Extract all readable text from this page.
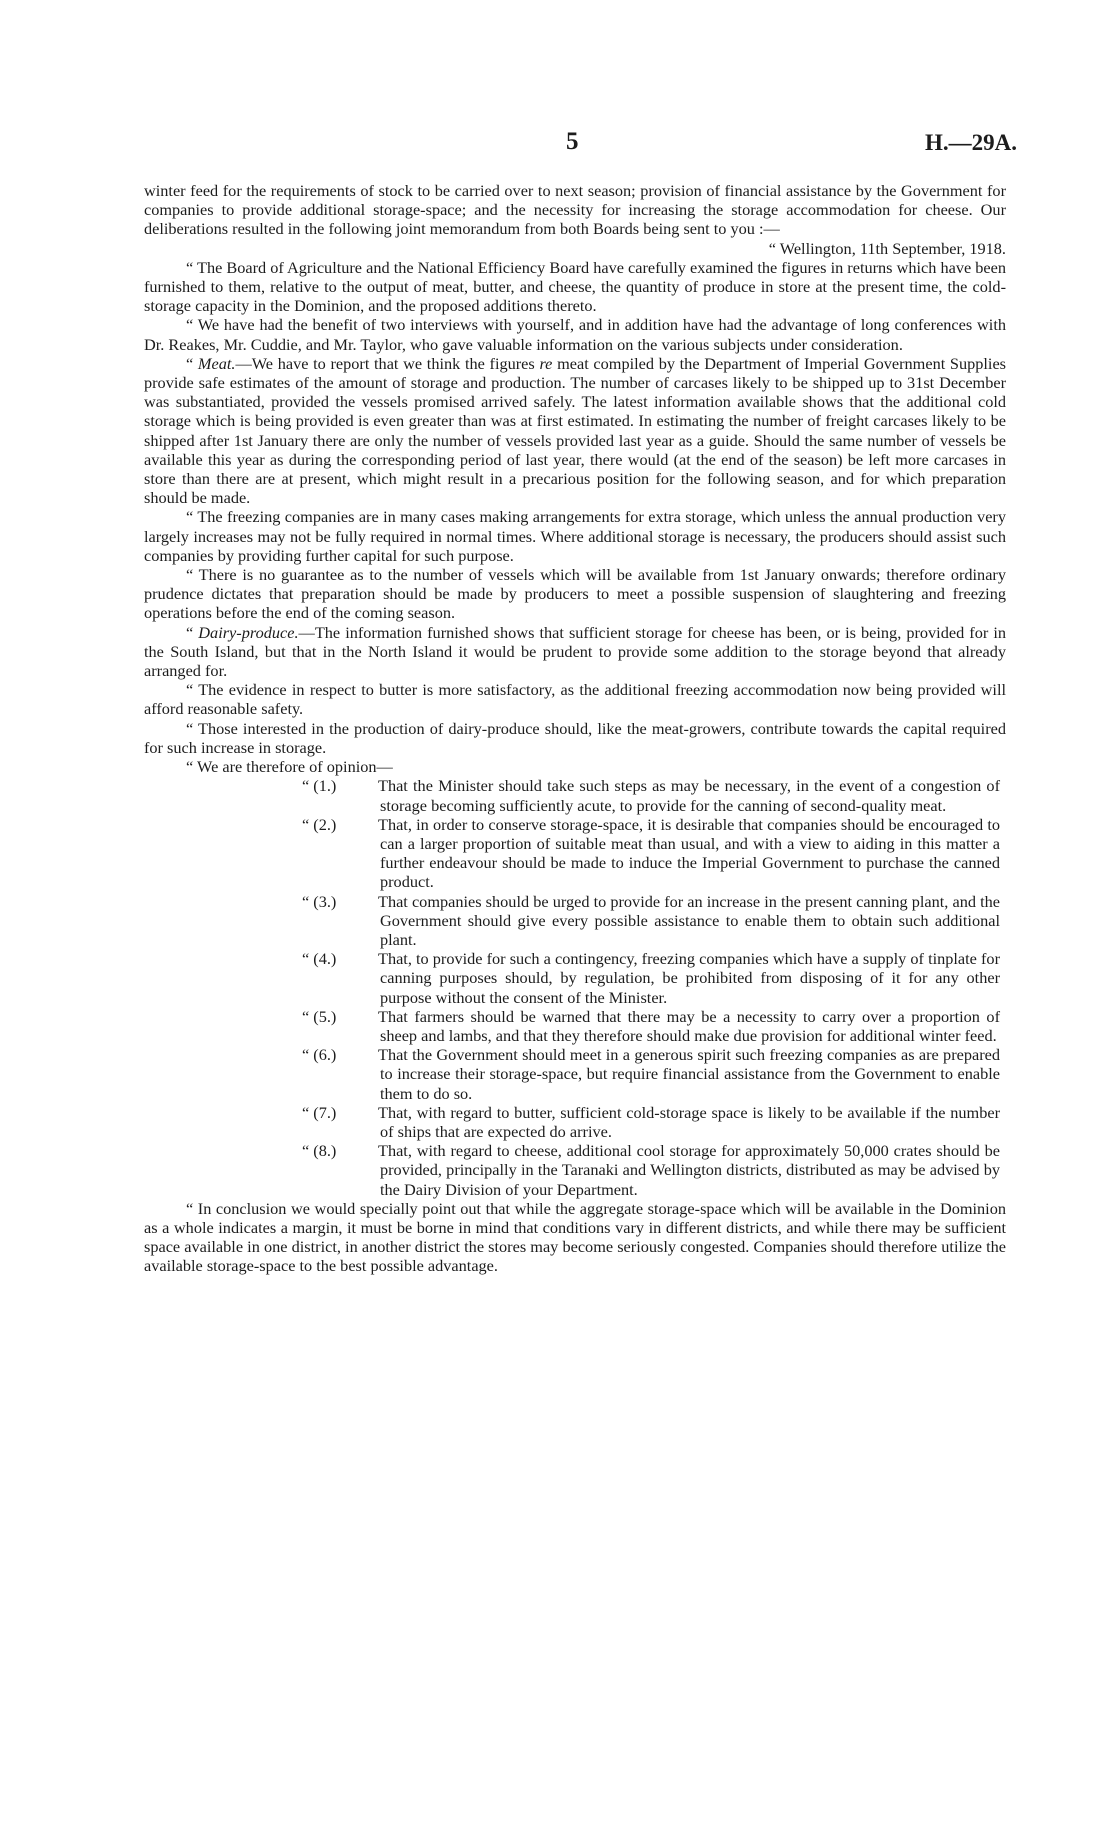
5	H.—29A.

winter feed for the requirements of stock to be carried over to next season; provision of financial assistance by the Government for companies to provide additional storage-space; and the necessity for increasing the storage accommodation for cheese. Our deliberations resulted in the following joint memorandum from both Boards being sent to you :—

“ Wellington, 11th September, 1918.

“ The Board of Agriculture and the National Efficiency Board have carefully examined the figures in returns which have been furnished to them, relative to the output of meat, butter, and cheese, the quantity of produce in store at the present time, the cold-storage capacity in the Dominion, and the proposed additions thereto.

“ We have had the benefit of two interviews with yourself, and in addition have had the advantage of long conferences with Dr. Reakes, Mr. Cuddie, and Mr. Taylor, who gave valuable information on the various subjects under consideration.

“ Meat.—We have to report that we think the figures re meat compiled by the Department of Imperial Government Supplies provide safe estimates of the amount of storage and production. The number of carcases likely to be shipped up to 31st December was substantiated, provided the vessels promised arrived safely. The latest information available shows that the additional cold storage which is being provided is even greater than was at first estimated. In estimating the number of freight carcases likely to be shipped after 1st January there are only the number of vessels provided last year as a guide. Should the same number of vessels be available this year as during the corresponding period of last year, there would (at the end of the season) be left more carcases in store than there are at present, which might result in a precarious position for the following season, and for which preparation should be made.

“ The freezing companies are in many cases making arrangements for extra storage, which unless the annual production very largely increases may not be fully required in normal times. Where additional storage is necessary, the producers should assist such companies by providing further capital for such purpose.

“ There is no guarantee as to the number of vessels which will be available from 1st January onwards; therefore ordinary prudence dictates that preparation should be made by producers to meet a possible suspension of slaughtering and freezing operations before the end of the coming season.

“ Dairy-produce.—The information furnished shows that sufficient storage for cheese has been, or is being, provided for in the South Island, but that in the North Island it would be prudent to provide some addition to the storage beyond that already arranged for.

“ The evidence in respect to butter is more satisfactory, as the additional freezing accommodation now being provided will afford reasonable safety.

“ Those interested in the production of dairy-produce should, like the meat-growers, contribute towards the capital required for such increase in storage.

“ We are therefore of opinion—

“ (1.)	That the Minister should take such steps as may be necessary, in the event of a congestion of storage becoming sufficiently acute, to provide for the canning of second-quality meat.
“ (2.)	That, in order to conserve storage-space, it is desirable that companies should be encouraged to can a larger proportion of suitable meat than usual, and with a view to aiding in this matter a further endeavour should be made to induce the Imperial Government to purchase the canned product.
“ (3.)	That companies should be urged to provide for an increase in the present canning plant, and the Government should give every possible assistance to enable them to obtain such additional plant.
“ (4.)	That, to provide for such a contingency, freezing companies which have a supply of tinplate for canning purposes should, by regulation, be prohibited from disposing of it for any other purpose without the consent of the Minister.
“ (5.)	That farmers should be warned that there may be a necessity to carry over a proportion of sheep and lambs, and that they therefore should make due provision for additional winter feed.
“ (6.)	That the Government should meet in a generous spirit such freezing companies as are prepared to increase their storage-space, but require financial assistance from the Government to enable them to do so.
“ (7.)	That, with regard to butter, sufficient cold-storage space is likely to be available if the number of ships that are expected do arrive.
“ (8.)	That, with regard to cheese, additional cool storage for approximately 50,000 crates should be provided, principally in the Taranaki and Wellington districts, distributed as may be advised by the Dairy Division of your Department.

“ In conclusion we would specially point out that while the aggregate storage-space which will be available in the Dominion as a whole indicates a margin, it must be borne in mind that conditions vary in different districts, and while there may be sufficient space available in one district, in another district the stores may become seriously congested. Companies should therefore utilize the available storage-space to the best possible advantage.
